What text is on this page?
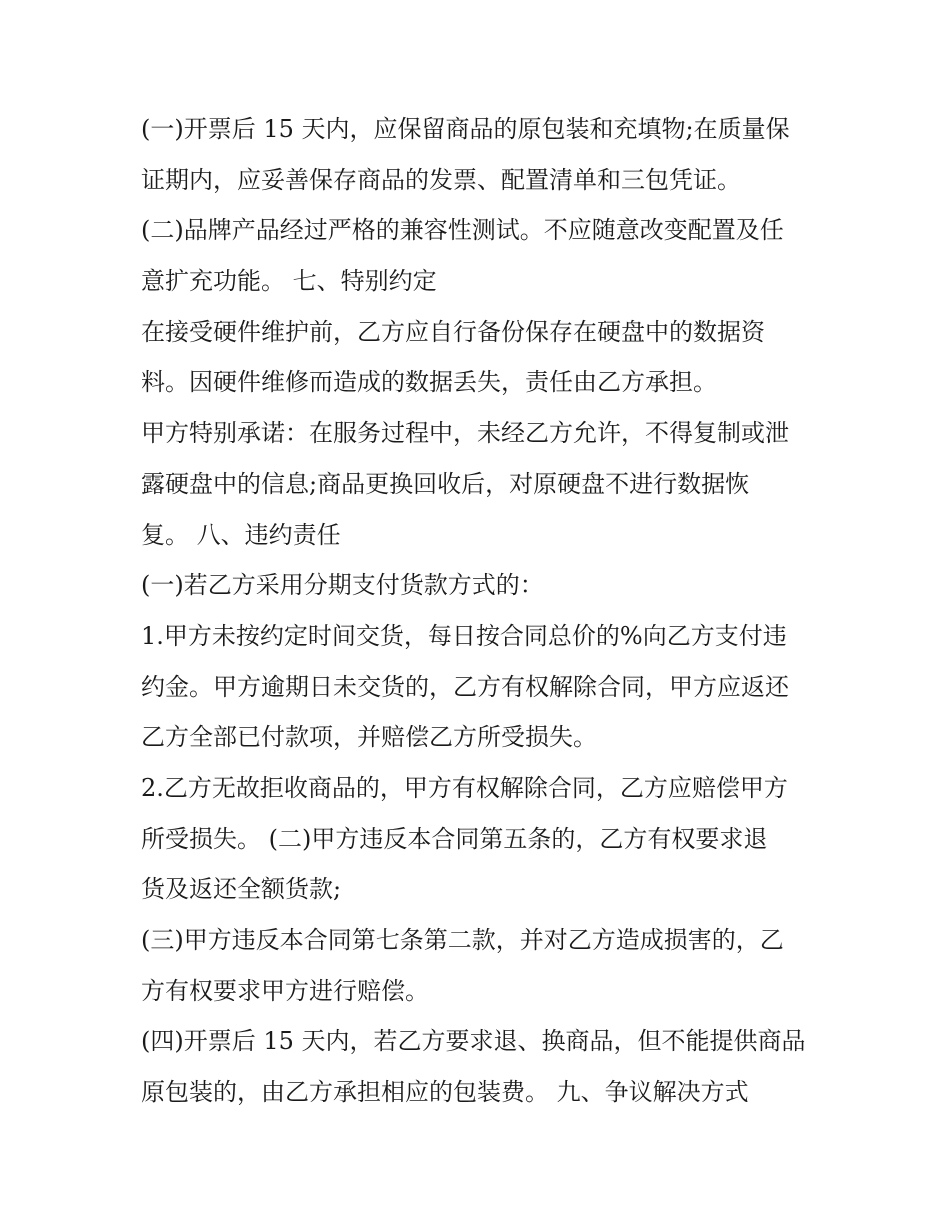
(一)开票后 15 天内，应保留商品的原包装和充填物;在质量保
证期内，应妥善保存商品的发票、配置清单和三包凭证。
(二)品牌产品经过严格的兼容性测试。不应随意改变配置及任
意扩充功能。 七、特别约定
在接受硬件维护前，乙方应自行备份保存在硬盘中的数据资
料。因硬件维修而造成的数据丢失，责任由乙方承担。
甲方特别承诺：在服务过程中，未经乙方允许，不得复制或泄
露硬盘中的信息;商品更换回收后，对原硬盘不进行数据恢
复。 八、违约责任
(一)若乙方采用分期支付货款方式的：
1.甲方未按约定时间交货，每日按合同总价的%向乙方支付违
约金。甲方逾期日未交货的，乙方有权解除合同，甲方应返还
乙方全部已付款项，并赔偿乙方所受损失。
2.乙方无故拒收商品的，甲方有权解除合同，乙方应赔偿甲方
所受损失。 (二)甲方违反本合同第五条的，乙方有权要求退
货及返还全额货款;
(三)甲方违反本合同第七条第二款，并对乙方造成损害的，乙
方有权要求甲方进行赔偿。
(四)开票后 15 天内，若乙方要求退、换商品，但不能提供商品
原包装的，由乙方承担相应的包装费。 九、争议解决方式
